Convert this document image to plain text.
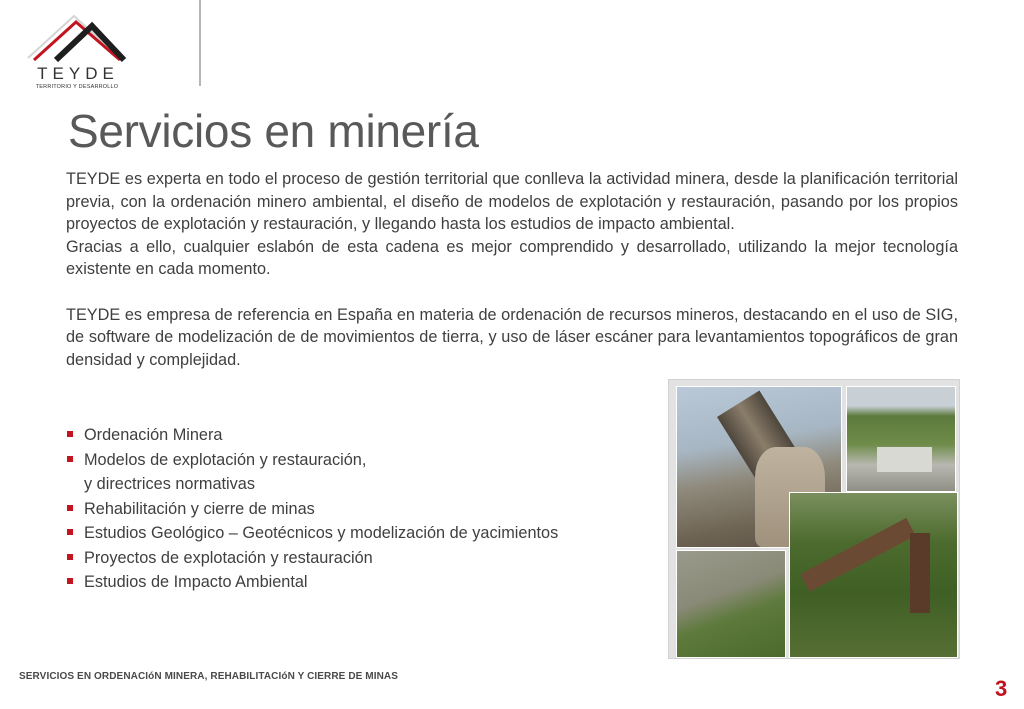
TEYDE
TERRITORIO Y DESARROLLO
Servicios en minería

TEYDE es experta en todo el proceso de gestión territorial que conlleva la actividad minera, desde la planificación territorial previa, con la ordenación minero ambiental, el diseño de modelos de explotación y restauración, pasando por los propios proyectos de explotación y restauración, y llegando hasta los estudios de impacto ambiental.

Gracias a ello, cualquier eslabón de esta cadena es mejor comprendido y desarrollado, utilizando la mejor tecnología existente en cada momento.

TEYDE es empresa de referencia en España en materia de ordenación de recursos mineros, destacando en el uso de SIG, de software de modelización de de movimientos de tierra, y uso de láser escáner para levantamientos topográficos de gran densidad y complejidad.

Ordenación Minera
Modelos de explotación y restauración,
y directrices normativas
Rehabilitación y cierre de minas
Estudios Geológico – Geotécnicos y modelización de yacimientos
Proyectos de explotación y restauración
Estudios de Impacto Ambiental
SERVICIOS EN ORDENACIóN MINERA, REHABILITACIóN Y CIERRE DE MINAS	3
